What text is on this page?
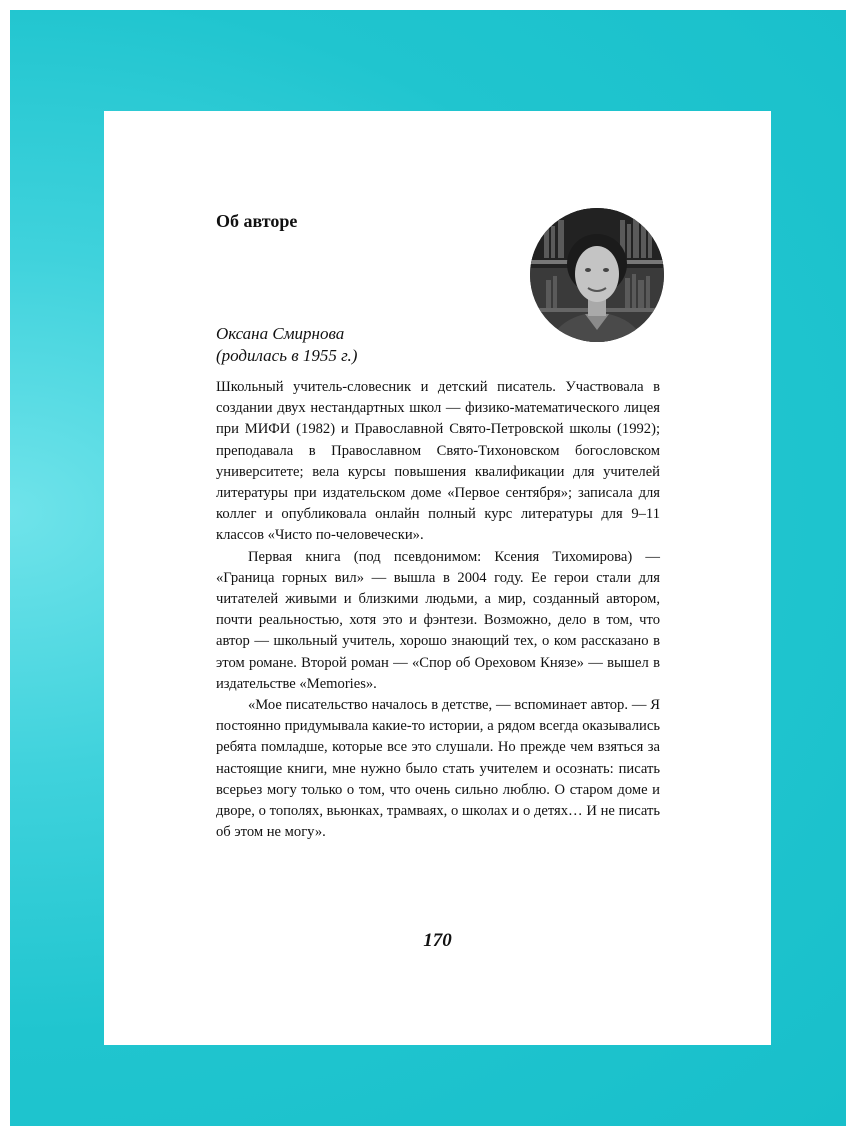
Об авторе
Оксана Смирнова
(родилась в 1955 г.)

Школьный учитель-словесник и детский писатель. Участвовала в создании двух нестандартных школ — физико-математического лицея при МИФИ (1982) и Православной Свято-Петровской школы (1992); преподавала в Православном Свято-Тихоновском богословском университете; вела курсы повышения квалификации для учителей литературы при издательском доме «Первое сентября»; записала для коллег и опубликовала онлайн полный курс литературы для 9–11 классов «Чисто по-человечески».

Первая книга (под псевдонимом: Ксения Тихомирова) — «Граница горных вил» — вышла в 2004 году. Ее герои стали для читателей живыми и близкими людьми, а мир, созданный автором, почти реальностью, хотя это и фэнтези. Возможно, дело в том, что автор — школьный учитель, хорошо знающий тех, о ком рассказано в этом романе. Второй роман — «Спор об Ореховом Князе» — вышел в издательстве «Memories».

«Мое писательство началось в детстве, — вспоминает автор. — Я постоянно придумывала какие-то истории, а рядом всегда оказывались ребята помладше, которые все это слушали. Но прежде чем взяться за настоящие книги, мне нужно было стать учителем и осознать: писать всерьез могу только о том, что очень сильно люблю. О старом доме и дворе, о тополях, вьюнках, трамваях, о школах и о детях… И не писать об этом не могу».

170
